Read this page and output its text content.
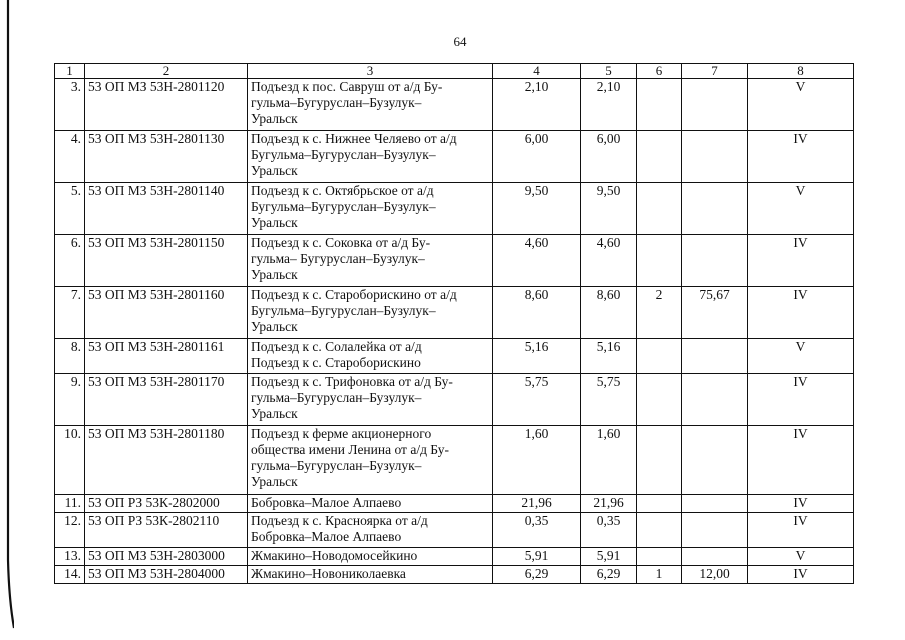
64
1	2	3	4	5	6	7	8
3.	53 ОП МЗ 53Н-2801120	Подъезд к пос. Савруш от а/д Бу-
гульма–Бугуруслан–Бузулук–
Уральск	2,10	2,10			V
4.	53 ОП МЗ 53Н-2801130	Подъезд к с. Нижнее Челяево от а/д
Бугульма–Бугуруслан–Бузулук–
Уральск	6,00	6,00			IV
5.	53 ОП МЗ 53Н-2801140	Подъезд к с. Октябрьское от а/д
Бугульма–Бугуруслан–Бузулук–
Уральск	9,50	9,50			V
6.	53 ОП МЗ 53Н-2801150	Подъезд к с. Соковка от а/д Бу-
гульма– Бугуруслан–Бузулук–
Уральск	4,60	4,60			IV
7.	53 ОП МЗ 53Н-2801160	Подъезд к с. Староборискино от а/д
Бугульма–Бугуруслан–Бузулук–
Уральск	8,60	8,60	2	75,67	IV
8.	53 ОП МЗ 53Н-2801161	Подъезд к с. Солалейка от а/д
Подъезд к с. Староборискино	5,16	5,16			V
9.	53 ОП МЗ 53Н-2801170	Подъезд к с. Трифоновка от а/д Бу-
гульма–Бугуруслан–Бузулук–
Уральск	5,75	5,75			IV
10.	53 ОП МЗ 53Н-2801180	Подъезд к ферме акционерного
общества имени Ленина от а/д Бу-
гульма–Бугуруслан–Бузулук–
Уральск	1,60	1,60			IV
11.	53 ОП РЗ 53К-2802000	Бобровка–Малое Алпаево	21,96	21,96			IV
12.	53 ОП РЗ 53К-2802110	Подъезд к с. Красноярка от а/д
Бобровка–Малое Алпаево	0,35	0,35			IV
13.	53 ОП МЗ 53Н-2803000	Жмакино–Новодомосейкино	5,91	5,91			V
14.	53 ОП МЗ 53Н-2804000	Жмакино–Новониколаевка	6,29	6,29	1	12,00	IV
